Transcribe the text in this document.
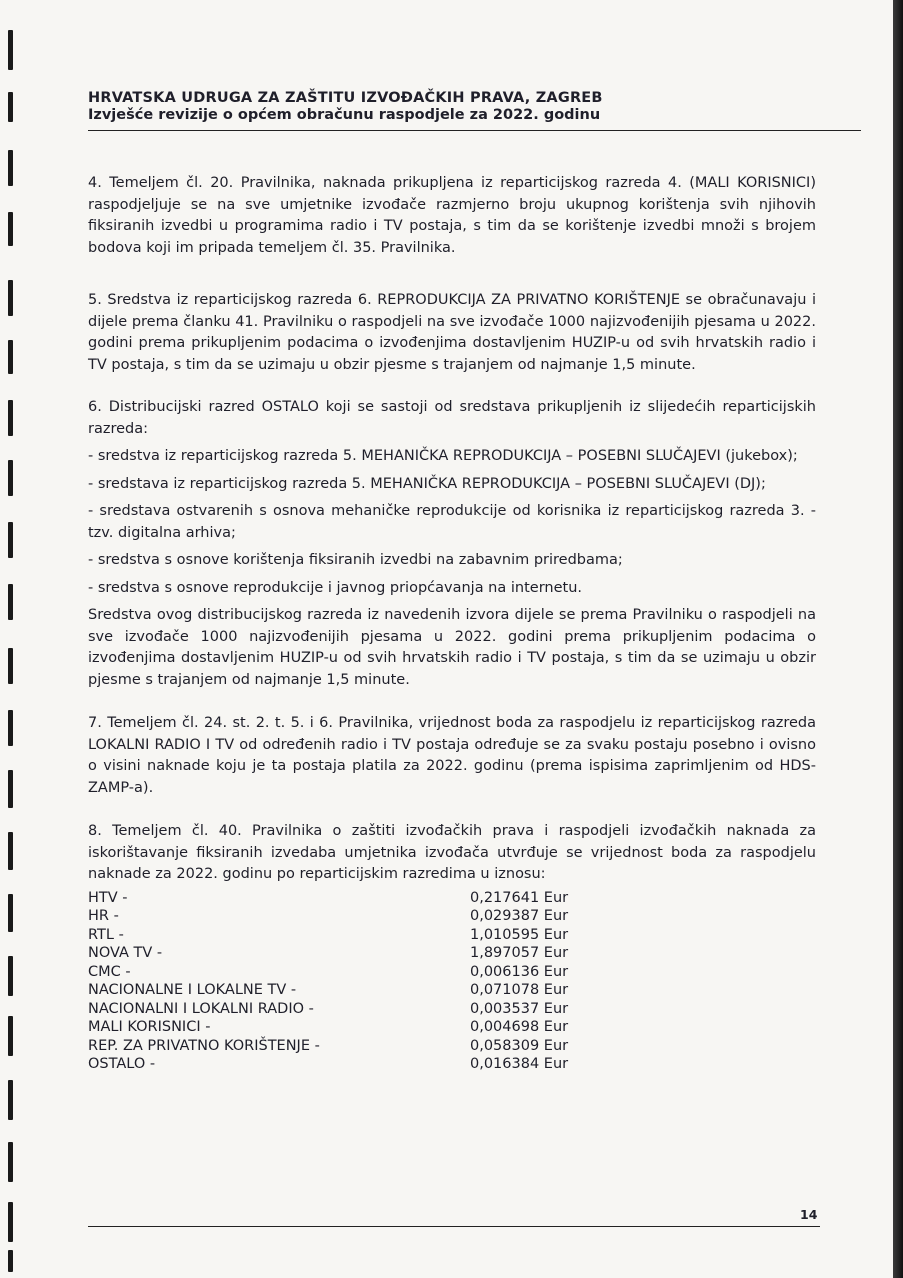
HRVATSKA UDRUGA ZA ZAŠTITU IZVOĐAČKIH PRAVA, ZAGREB
Izvješće revizije o općem obračunu raspodjele za 2022. godinu

4. Temeljem čl. 20. Pravilnika, naknada prikupljena iz reparticijskog razreda 4. (MALI KORISNICI) raspodjeljuje se na sve umjetnike izvođače razmjerno broju ukupnog korištenja svih njihovih fiksiranih izvedbi u programima radio i TV postaja, s tim da se korištenje izvedbi množi s brojem bodova koji im pripada temeljem čl. 35. Pravilnika.

5. Sredstva iz reparticijskog razreda 6. REPRODUKCIJA ZA PRIVATNO KORIŠTENJE se obračunavaju i dijele prema članku 41. Pravilniku o raspodjeli na sve izvođače 1000 najizvođenijih pjesama u 2022. godini prema prikupljenim podacima o izvođenjima dostavljenim HUZIP-u od svih hrvatskih radio i TV postaja, s tim da se uzimaju u obzir pjesme s trajanjem od najmanje 1,5 minute.

6. Distribucijski razred OSTALO koji se sastoji od sredstava prikupljenih iz slijedećih reparticijskih razreda:

- sredstva iz reparticijskog razreda 5. MEHANIČKA REPRODUKCIJA – POSEBNI SLUČAJEVI (jukebox);

- sredstava iz reparticijskog razreda 5. MEHANIČKA REPRODUKCIJA – POSEBNI SLUČAJEVI (DJ);

- sredstava ostvarenih s osnova mehaničke reprodukcije od korisnika iz reparticijskog razreda 3. - tzv. digitalna arhiva;

- sredstva s osnove korištenja fiksiranih izvedbi na zabavnim priredbama;

- sredstva s osnove reprodukcije i javnog priopćavanja na internetu.

Sredstva ovog distribucijskog razreda iz navedenih izvora dijele se prema Pravilniku o raspodjeli na sve izvođače 1000 najizvođenijih pjesama u 2022. godini prema prikupljenim podacima o izvođenjima dostavljenim HUZIP-u od svih hrvatskih radio i TV postaja, s tim da se uzimaju u obzir pjesme s trajanjem od najmanje 1,5 minute.

7. Temeljem čl. 24. st. 2. t. 5. i 6. Pravilnika, vrijednost boda za raspodjelu iz reparticijskog razreda LOKALNI RADIO I TV od određenih radio i TV postaja određuje se za svaku postaju posebno i ovisno o visini naknade koju je ta postaja platila za 2022. godinu (prema ispisima zaprimljenim od HDS-ZAMP-a).

8. Temeljem čl. 40. Pravilnika o zaštiti izvođačkih prava i raspodjeli izvođačkih naknada za iskorištavanje fiksiranih izvedaba umjetnika izvođača utvrđuje se vrijednost boda za raspodjelu naknade za 2022. godinu po reparticijskim razredima u iznosu:

HTV -	0,217641 Eur
HR -	0,029387 Eur
RTL -	1,010595 Eur
NOVA TV -	1,897057 Eur
CMC -	0,006136 Eur
NACIONALNE I LOKALNE TV -	0,071078 Eur
NACIONALNI I LOKALNI RADIO -	0,003537 Eur
MALI KORISNICI -	0,004698 Eur
REP. ZA PRIVATNO KORIŠTENJE -	0,058309 Eur
OSTALO -	0,016384 Eur
14
